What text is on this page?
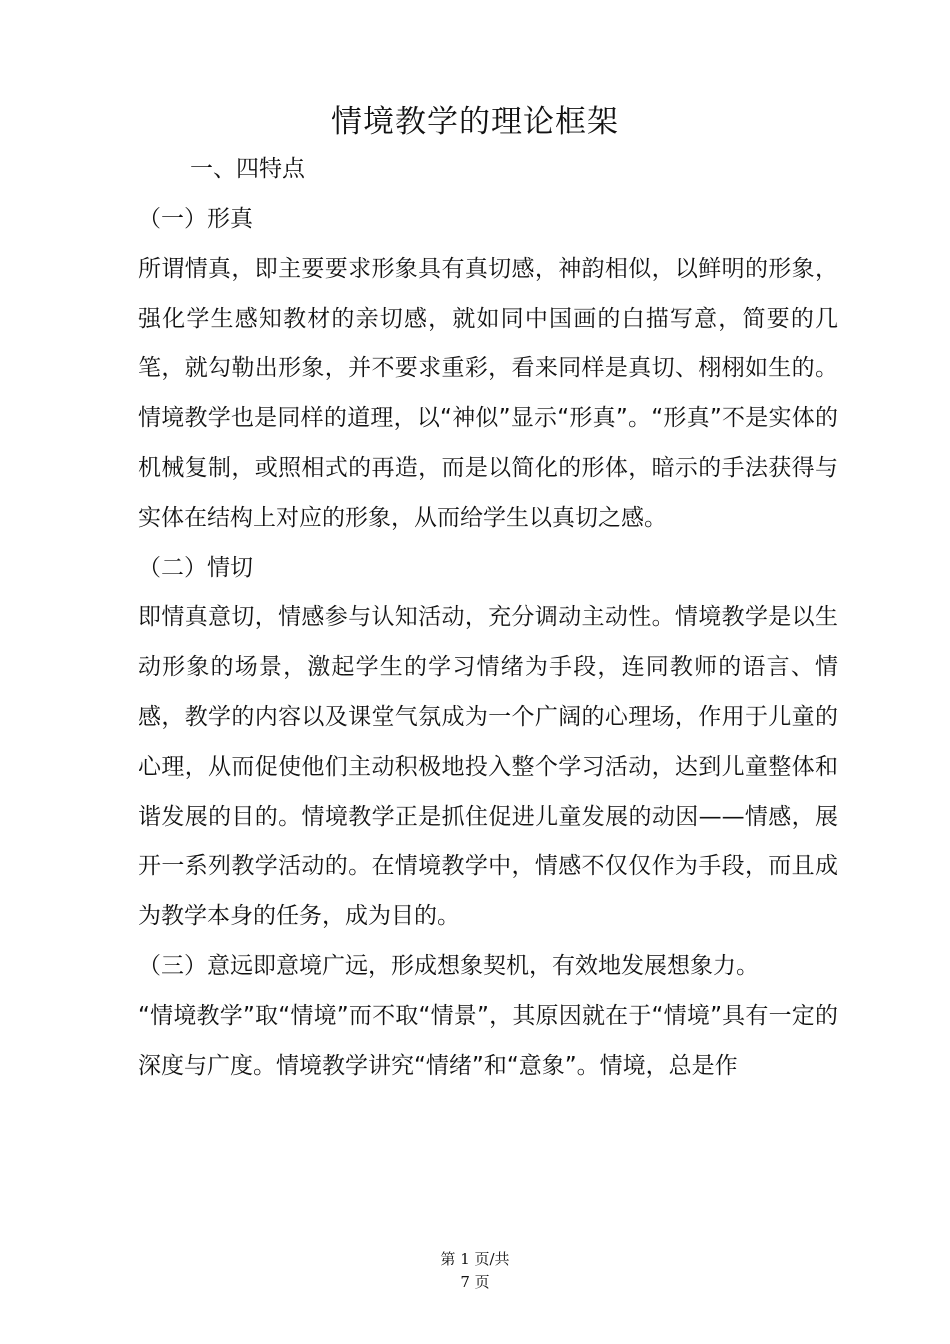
情境教学的理论框架
一、四特点

（一）形真

所谓情真，即主要要求形象具有真切感，神韵相似，以鲜明的形象，强化学生感知教材的亲切感，就如同中国画的白描写意，简要的几笔，就勾勒出形象，并不要求重彩，看来同样是真切、栩栩如生的。情境教学也是同样的道理，以“神似”显示“形真”。“形真”不是实体的机械复制，或照相式的再造，而是以简化的形体，暗示的手法获得与实体在结构上对应的形象，从而给学生以真切之感。

（二）情切

即情真意切，情感参与认知活动，充分调动主动性。情境教学是以生动形象的场景，激起学生的学习情绪为手段，连同教师的语言、情感，教学的内容以及课堂气氛成为一个广阔的心理场，作用于儿童的心理，从而促使他们主动积极地投入整个学习活动，达到儿童整体和谐发展的目的。情境教学正是抓住促进儿童发展的动因——情感，展开一系列教学活动的。在情境教学中，情感不仅仅作为手段，而且成为教学本身的任务，成为目的。

（三）意远即意境广远，形成想象契机，有效地发展想象力。

“情境教学”取“情境”而不取“情景”，其原因就在于“情境”具有一定的深度与广度。情境教学讲究“情绪”和“意象”。情境，总是作

第 1 页/共
7 页
